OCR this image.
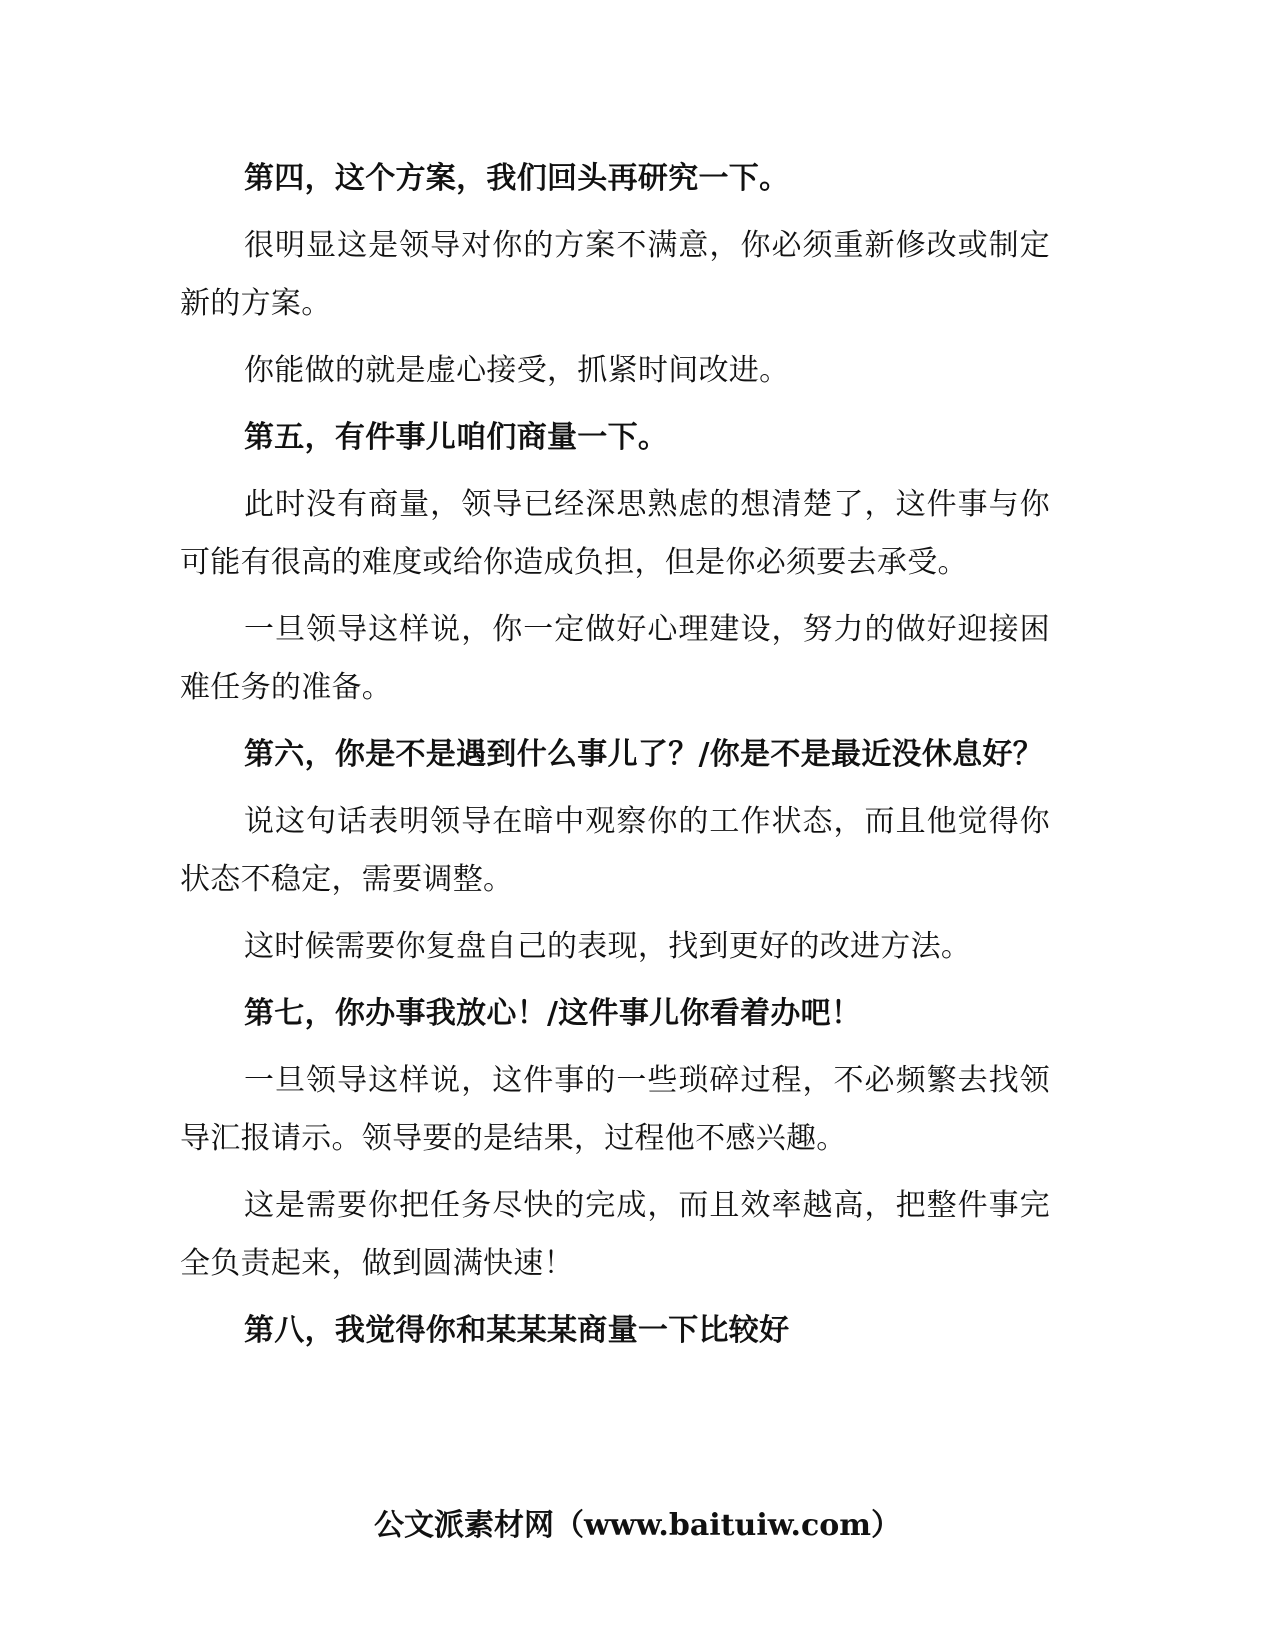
第四，这个方案，我们回头再研究一下。

很明显这是领导对你的方案不满意，你必须重新修改或制定新的方案。

你能做的就是虚心接受，抓紧时间改进。

第五，有件事儿咱们商量一下。

此时没有商量，领导已经深思熟虑的想清楚了，这件事与你可能有很高的难度或给你造成负担，但是你必须要去承受。

一旦领导这样说，你一定做好心理建设，努力的做好迎接困难任务的准备。

第六，你是不是遇到什么事儿了？/你是不是最近没休息好？

说这句话表明领导在暗中观察你的工作状态，而且他觉得你状态不稳定，需要调整。

这时候需要你复盘自己的表现，找到更好的改进方法。

第七，你办事我放心！/这件事儿你看着办吧！

一旦领导这样说，这件事的一些琐碎过程，不必频繁去找领导汇报请示。领导要的是结果，过程他不感兴趣。

这是需要你把任务尽快的完成，而且效率越高，把整件事完全负责起来，做到圆满快速！

第八，我觉得你和某某某商量一下比较好

公文派素材网（www.baituiw.com）
